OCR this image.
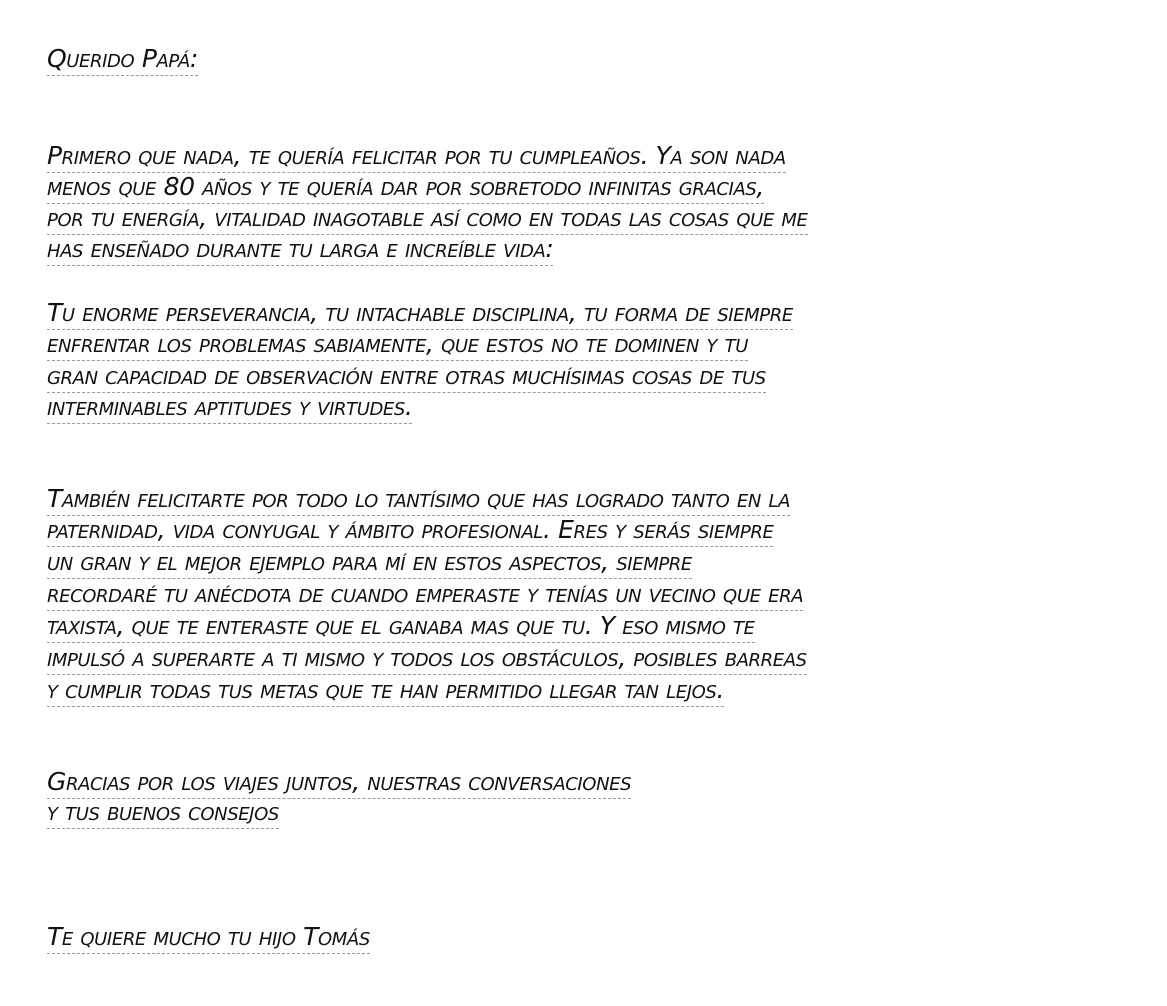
Querido Papá:

Primero que nada, te quería felicitar por tu cumpleaños. Ya son nada

menos que 80 años y te quería dar por sobretodo infinitas gracias,

por tu energía, vitalidad inagotable así como en todas las cosas que me

has enseñado durante tu larga e increíble vida:

Tu enorme perseverancia, tu intachable disciplina, tu forma de siempre

enfrentar los problemas sabiamente, que estos no te dominen y tu

gran capacidad de observación entre otras muchísimas cosas de tus

interminables aptitudes y virtudes.

También felicitarte por todo lo tantísimo que has logrado tanto en la

paternidad, vida conyugal y ámbito profesional. Eres y serás siempre

un gran y el mejor ejemplo para mí en estos aspectos, siempre

recordaré tu anécdota de cuando emperaste y tenías un vecino que era

taxista, que te enteraste que el ganaba mas que tu. Y eso mismo te

impulsó a superarte a ti mismo y todos los obstáculos, posibles barreas

y cumplir todas tus metas que te han permitido llegar tan lejos.

Gracias por los viajes juntos, nuestras conversaciones

y tus buenos consejos

Te quiere mucho tu hijo Tomás
